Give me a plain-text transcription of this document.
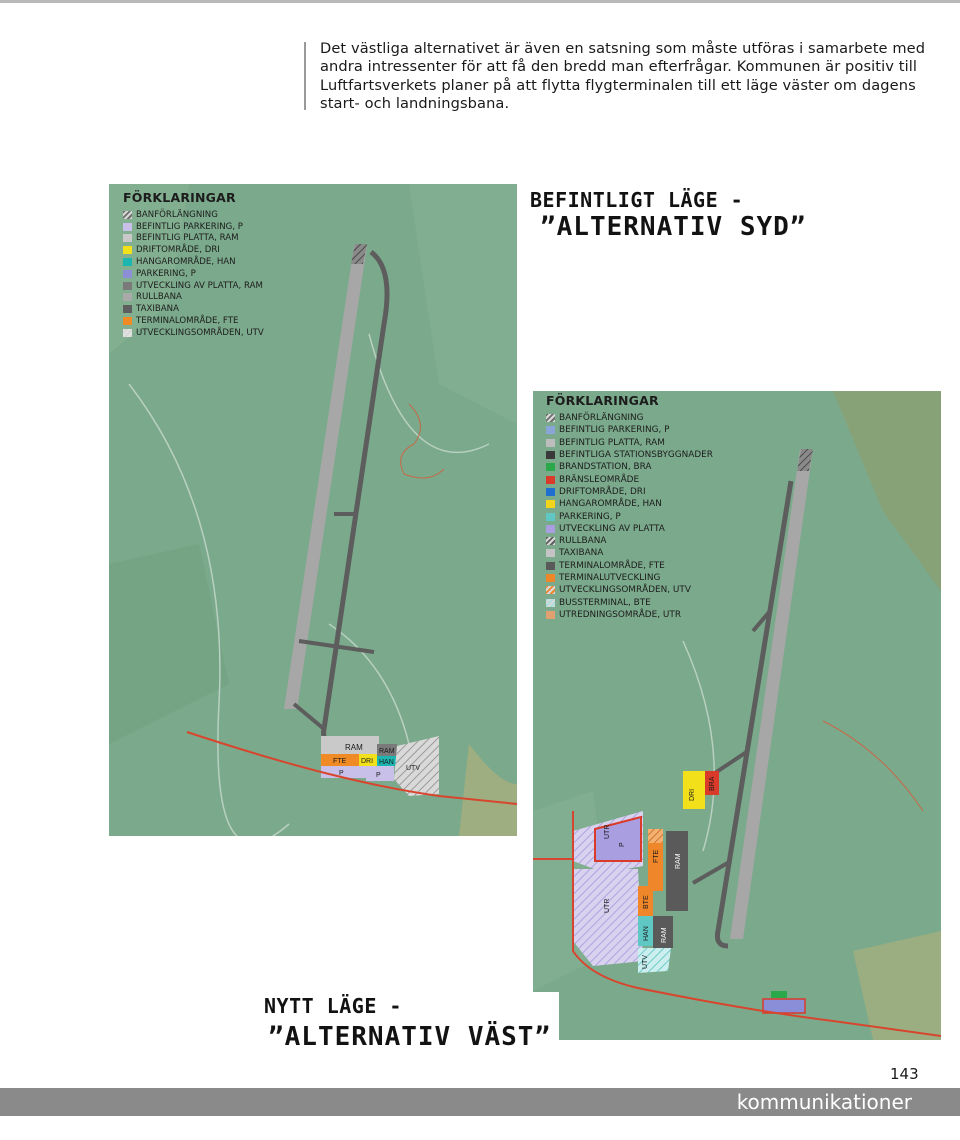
Det västliga alternativet är även en satsning som måste utföras i samarbete med
andra intressenter för att få den bredd man efterfrågar. Kommunen är positiv till
Luftfartsverkets planer på att flytta flygterminalen till ett läge väster om dagens
start- och landningsbana.
RAM
FTE DRI
RAM
HAN
P	P
UTV
FÖRKLARINGAR
BANFÖRLÄNGNING
BEFINTLIG PARKERING, P
BEFINTLIG PLATTA, RAM
DRIFTOMRÅDE, DRI
HANGAROMRÅDE, HAN
PARKERING, P
UTVECKLING AV PLATTA, RAM
RULLBANA
TAXIBANA
TERMINALOMRÅDE, FTE
UTVECKLINGSOMRÅDEN, UTV
BEFINTLIGT LÄGE -
”ALTERNATIV SYD”
DRI
BRA
UTR
P
FTE RAM
UTR	BTE
HAN RAM
UTV
FÖRKLARINGAR
BANFÖRLÄNGNING
BEFINTLIG PARKERING, P
BEFINTLIG PLATTA, RAM
BEFINTLIGA STATIONSBYGGNADER
BRANDSTATION, BRA
BRÄNSLEOMRÅDE
DRIFTOMRÅDE, DRI
HANGAROMRÅDE, HAN
PARKERING, P
UTVECKLING AV PLATTA
RULLBANA
TAXIBANA
TERMINALOMRÅDE, FTE
TERMINALUTVECKLING
UTVECKLINGSOMRÅDEN, UTV
BUSSTERMINAL, BTE
UTREDNINGSOMRÅDE, UTR
NYTT LÄGE -
”ALTERNATIV VÄST”
143
kommunikationer
